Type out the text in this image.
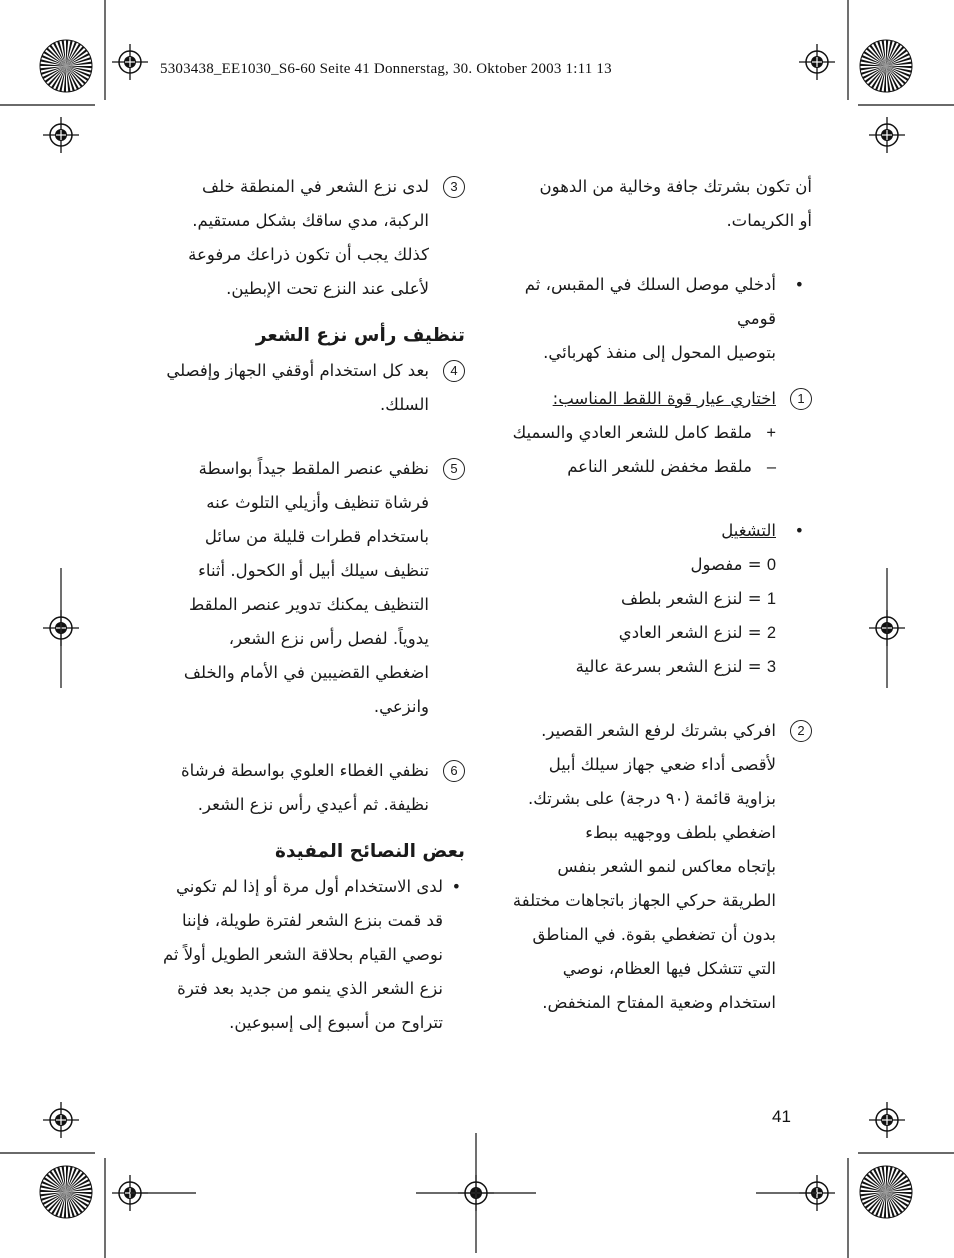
5303438_EE1030_S6-60 Seite 41 Donnerstag, 30. Oktober 2003 1:11 13
41

أن تكون بشرتك جافة وخالية من الدهون

أو الكريمات.

•

أدخلي موصل السلك في المقبس، ثم قومي

بتوصيل المحول إلى منفذ كهربائي.

1

اختاري عيار قوة اللقط المناسب:

+
ملقط كامل للشعر العادي والسميك
–
ملقط مخفض للشعر الناعم
•

التشغيل

0 = مفصول
1 = لنزع الشعر بلطف
2 = لنزع الشعر العادي
3 = لنزع الشعر بسرعة عالية
2

افركي بشرتك لرفع الشعر القصير.

لأقصى أداء ضعي جهاز سيلك أبيل

بزاوية قائمة (٩٠ درجة) على بشرتك.

اضغطي بلطف ووجهيه ببطء

بإتجاه معاكس لنمو الشعر بنفس

الطريقة حركي الجهاز باتجاهات مختلفة

بدون أن تضغطي بقوة. في المناطق

التي تتشكل فيها العظام، نوصي

استخدام وضعية المفتاح المنخفض.

3

لدى نزع الشعر في المنطقة خلف

الركبة، مدي ساقك بشكل مستقيم.

كذلك يجب أن تكون ذراعك مرفوعة

لأعلى عند النزع تحت الإبطين.

تنظيف رأس نزع الشعر

4

بعد كل استخدام أوقفي الجهاز وإفصلي

السلك.

5

نظفي عنصر الملقط جيداً بواسطة

فرشاة تنظيف وأزيلي التلوث عنه

باستخدام قطرات قليلة من سائل

تنظيف سيلك أبيل أو الكحول. أثناء

التنظيف يمكنك تدوير عنصر الملقط

يدوياً. لفصل رأس نزع الشعر،

اضغطي القضيبين في الأمام والخلف

وانزعي.

6

نظفي الغطاء العلوي بواسطة فرشاة

نظيفة. ثم أعيدي رأس نزع الشعر.

بعض النصائح المفيدة

•

لدى الاستخدام أول مرة أو إذا لم تكوني

قد قمت بنزع الشعر لفترة طويلة، فإننا

نوصي القيام بحلاقة الشعر الطويل أولاً ثم

نزع الشعر الذي ينمو من جديد بعد فترة

تتراوح من أسبوع إلى إسبوعين.
